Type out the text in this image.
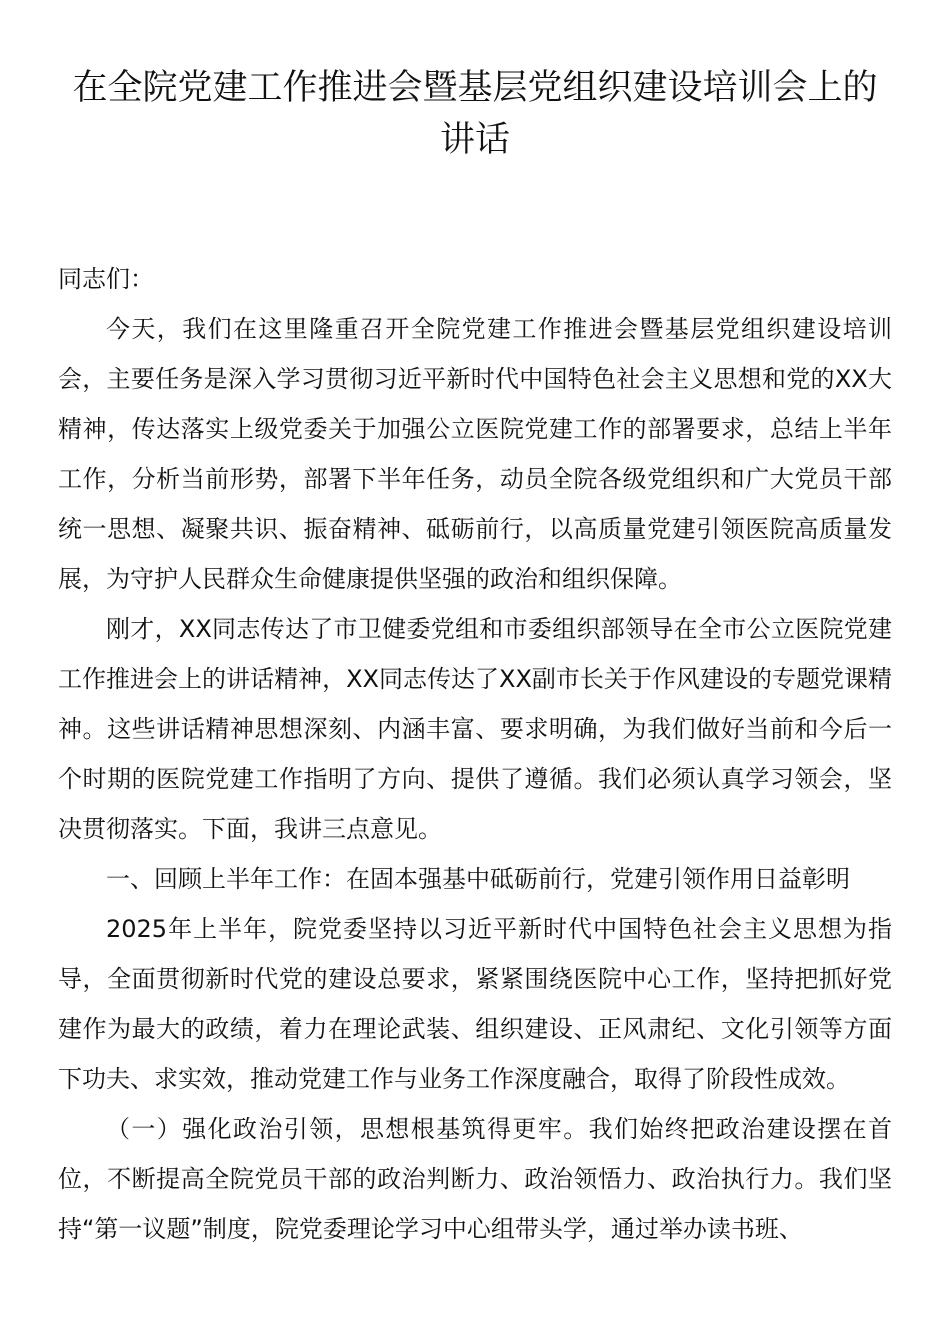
在全院党建工作推进会暨基层党组织建设培训会上的讲话

同志们：

今天，我们在这里隆重召开全院党建工作推进会暨基层党组织建设培训会，主要任务是深入学习贯彻习近平新时代中国特色社会主义思想和党的XX大精神，传达落实上级党委关于加强公立医院党建工作的部署要求，总结上半年工作，分析当前形势，部署下半年任务，动员全院各级党组织和广大党员干部统一思想、凝聚共识、振奋精神、砥砺前行，以高质量党建引领医院高质量发展，为守护人民群众生命健康提供坚强的政治和组织保障。

刚才，XX同志传达了市卫健委党组和市委组织部领导在全市公立医院党建工作推进会上的讲话精神，XX同志传达了XX副市长关于作风建设的专题党课精神。这些讲话精神思想深刻、内涵丰富、要求明确，为我们做好当前和今后一个时期的医院党建工作指明了方向、提供了遵循。我们必须认真学习领会，坚决贯彻落实。下面，我讲三点意见。

一、回顾上半年工作：在固本强基中砥砺前行，党建引领作用日益彰明

2025年上半年，院党委坚持以习近平新时代中国特色社会主义思想为指导，全面贯彻新时代党的建设总要求，紧紧围绕医院中心工作，坚持把抓好党建作为最大的政绩，着力在理论武装、组织建设、正风肃纪、文化引领等方面下功夫、求实效，推动党建工作与业务工作深度融合，取得了阶段性成效。

（一）强化政治引领，思想根基筑得更牢。我们始终把政治建设摆在首位，不断提高全院党员干部的政治判断力、政治领悟力、政治执行力。我们坚持“第一议题”制度，院党委理论学习中心组带头学，通过举办读书班、
